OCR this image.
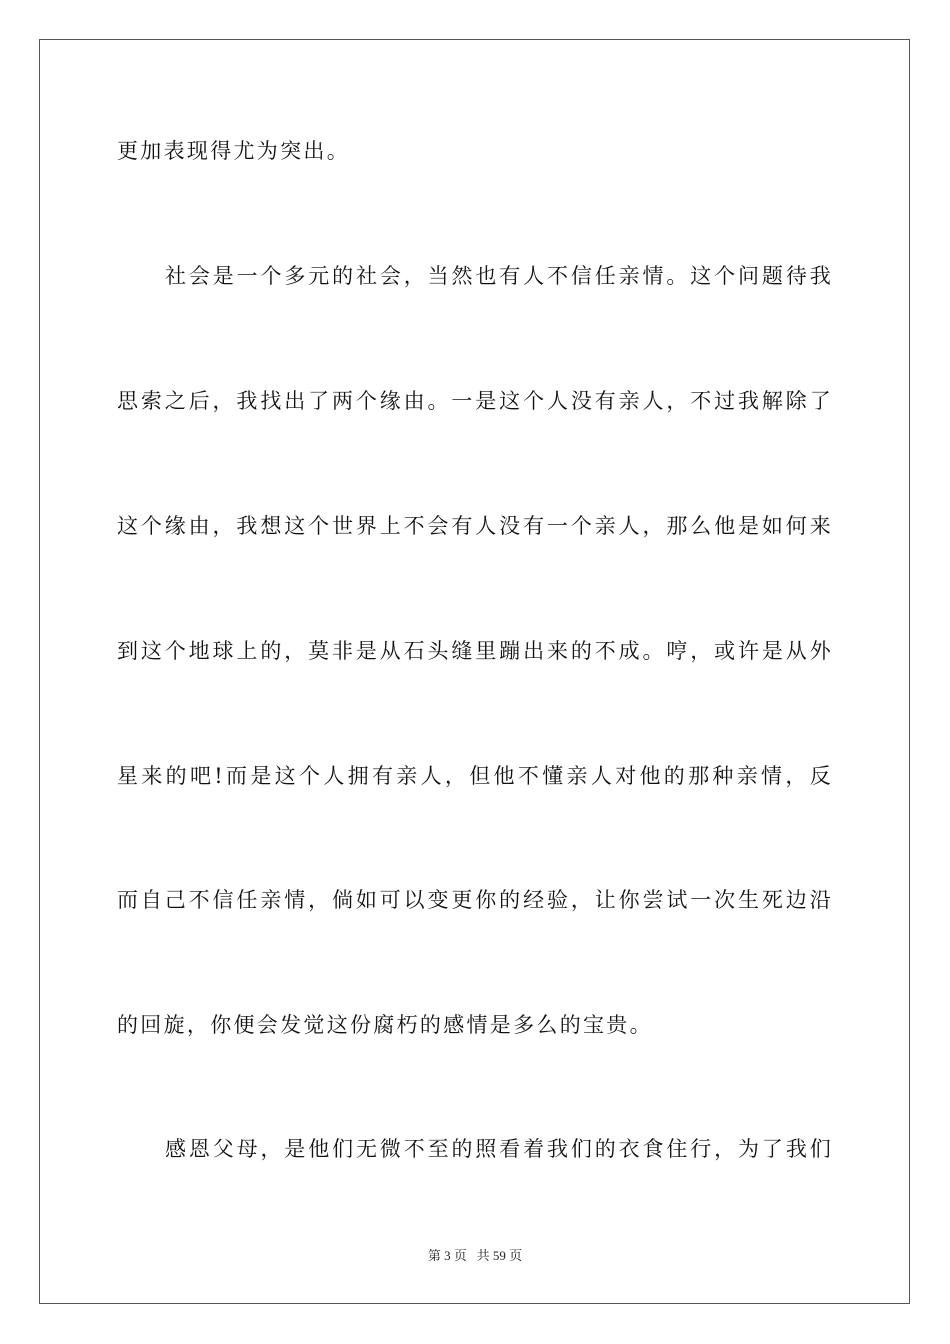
更加表现得尤为突出。
社会是一个多元的社会，当然也有人不信任亲情。这个问题待我
思索之后，我找出了两个缘由。一是这个人没有亲人，不过我解除了
这个缘由，我想这个世界上不会有人没有一个亲人，那么他是如何来
到这个地球上的，莫非是从石头缝里蹦出来的不成。哼，或许是从外
星来的吧!而是这个人拥有亲人，但他不懂亲人对他的那种亲情，反
而自己不信任亲情，倘如可以变更你的经验，让你尝试一次生死边沿
的回旋，你便会发觉这份腐朽的感情是多么的宝贵。
感恩父母，是他们无微不至的照看着我们的衣食住行，为了我们
第 3 页 共 59 页
